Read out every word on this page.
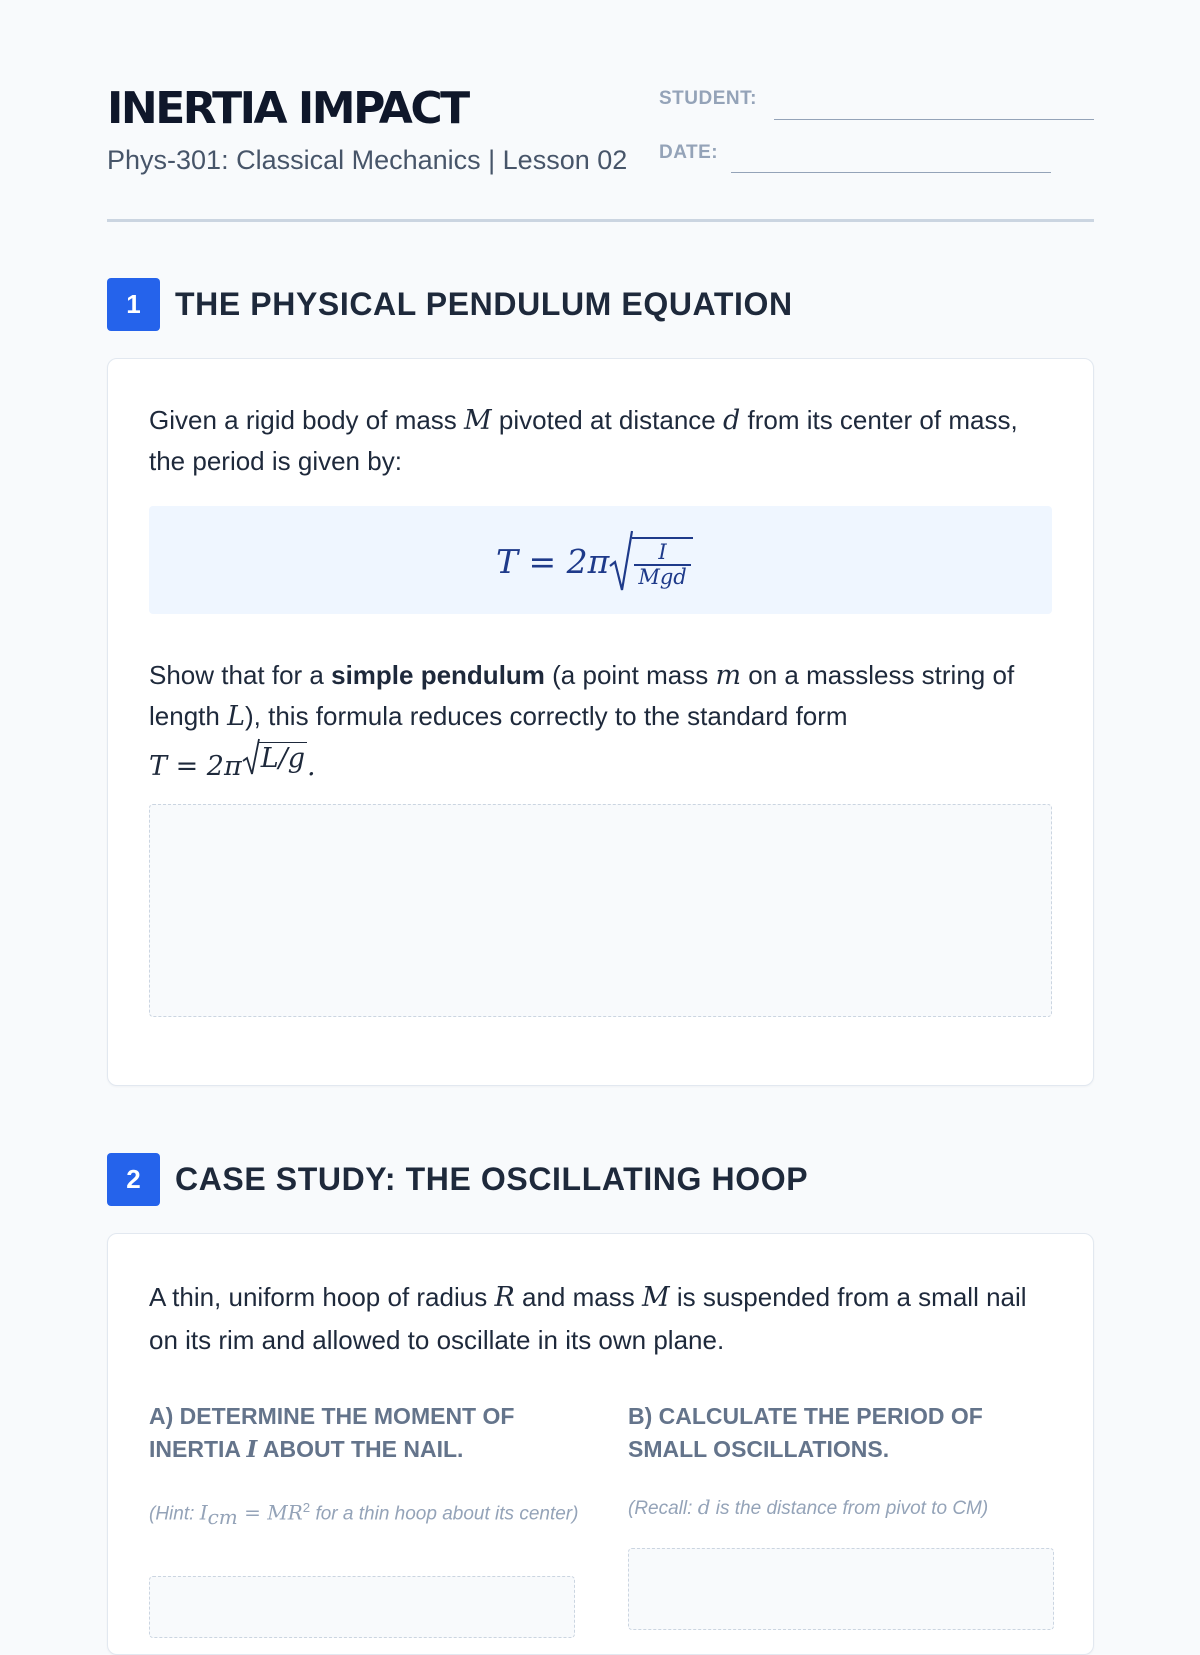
INERTIA IMPACT
Phys-301: Classical Mechanics | Lesson 02
STUDENT:
DATE:
1	THE PHYSICAL PENDULUM EQUATION

Given a rigid body of mass M pivoted at distance d from its center of mass, the period is given by:

$T = 2\pi \frac{I}{\text{Mgd}}$

Show that for a simple pendulum (a point mass m on a massless string of length L), this formula reduces correctly to the standard form
T = 2π L/g .

2	CASE STUDY: THE OSCILLATING HOOP

A thin, uniform hoop of radius R and mass M is suspended from a small nail on its rim and allowed to oscillate in its own plane.

A) DETERMINE THE MOMENT OF INERTIA I ABOUT THE NAIL.
(Hint: $I_{cm} = MR^2$ for a thin hoop about its center)
B) CALCULATE THE PERIOD OF SMALL OSCILLATIONS.
(Recall: d is the distance from pivot to CM)
